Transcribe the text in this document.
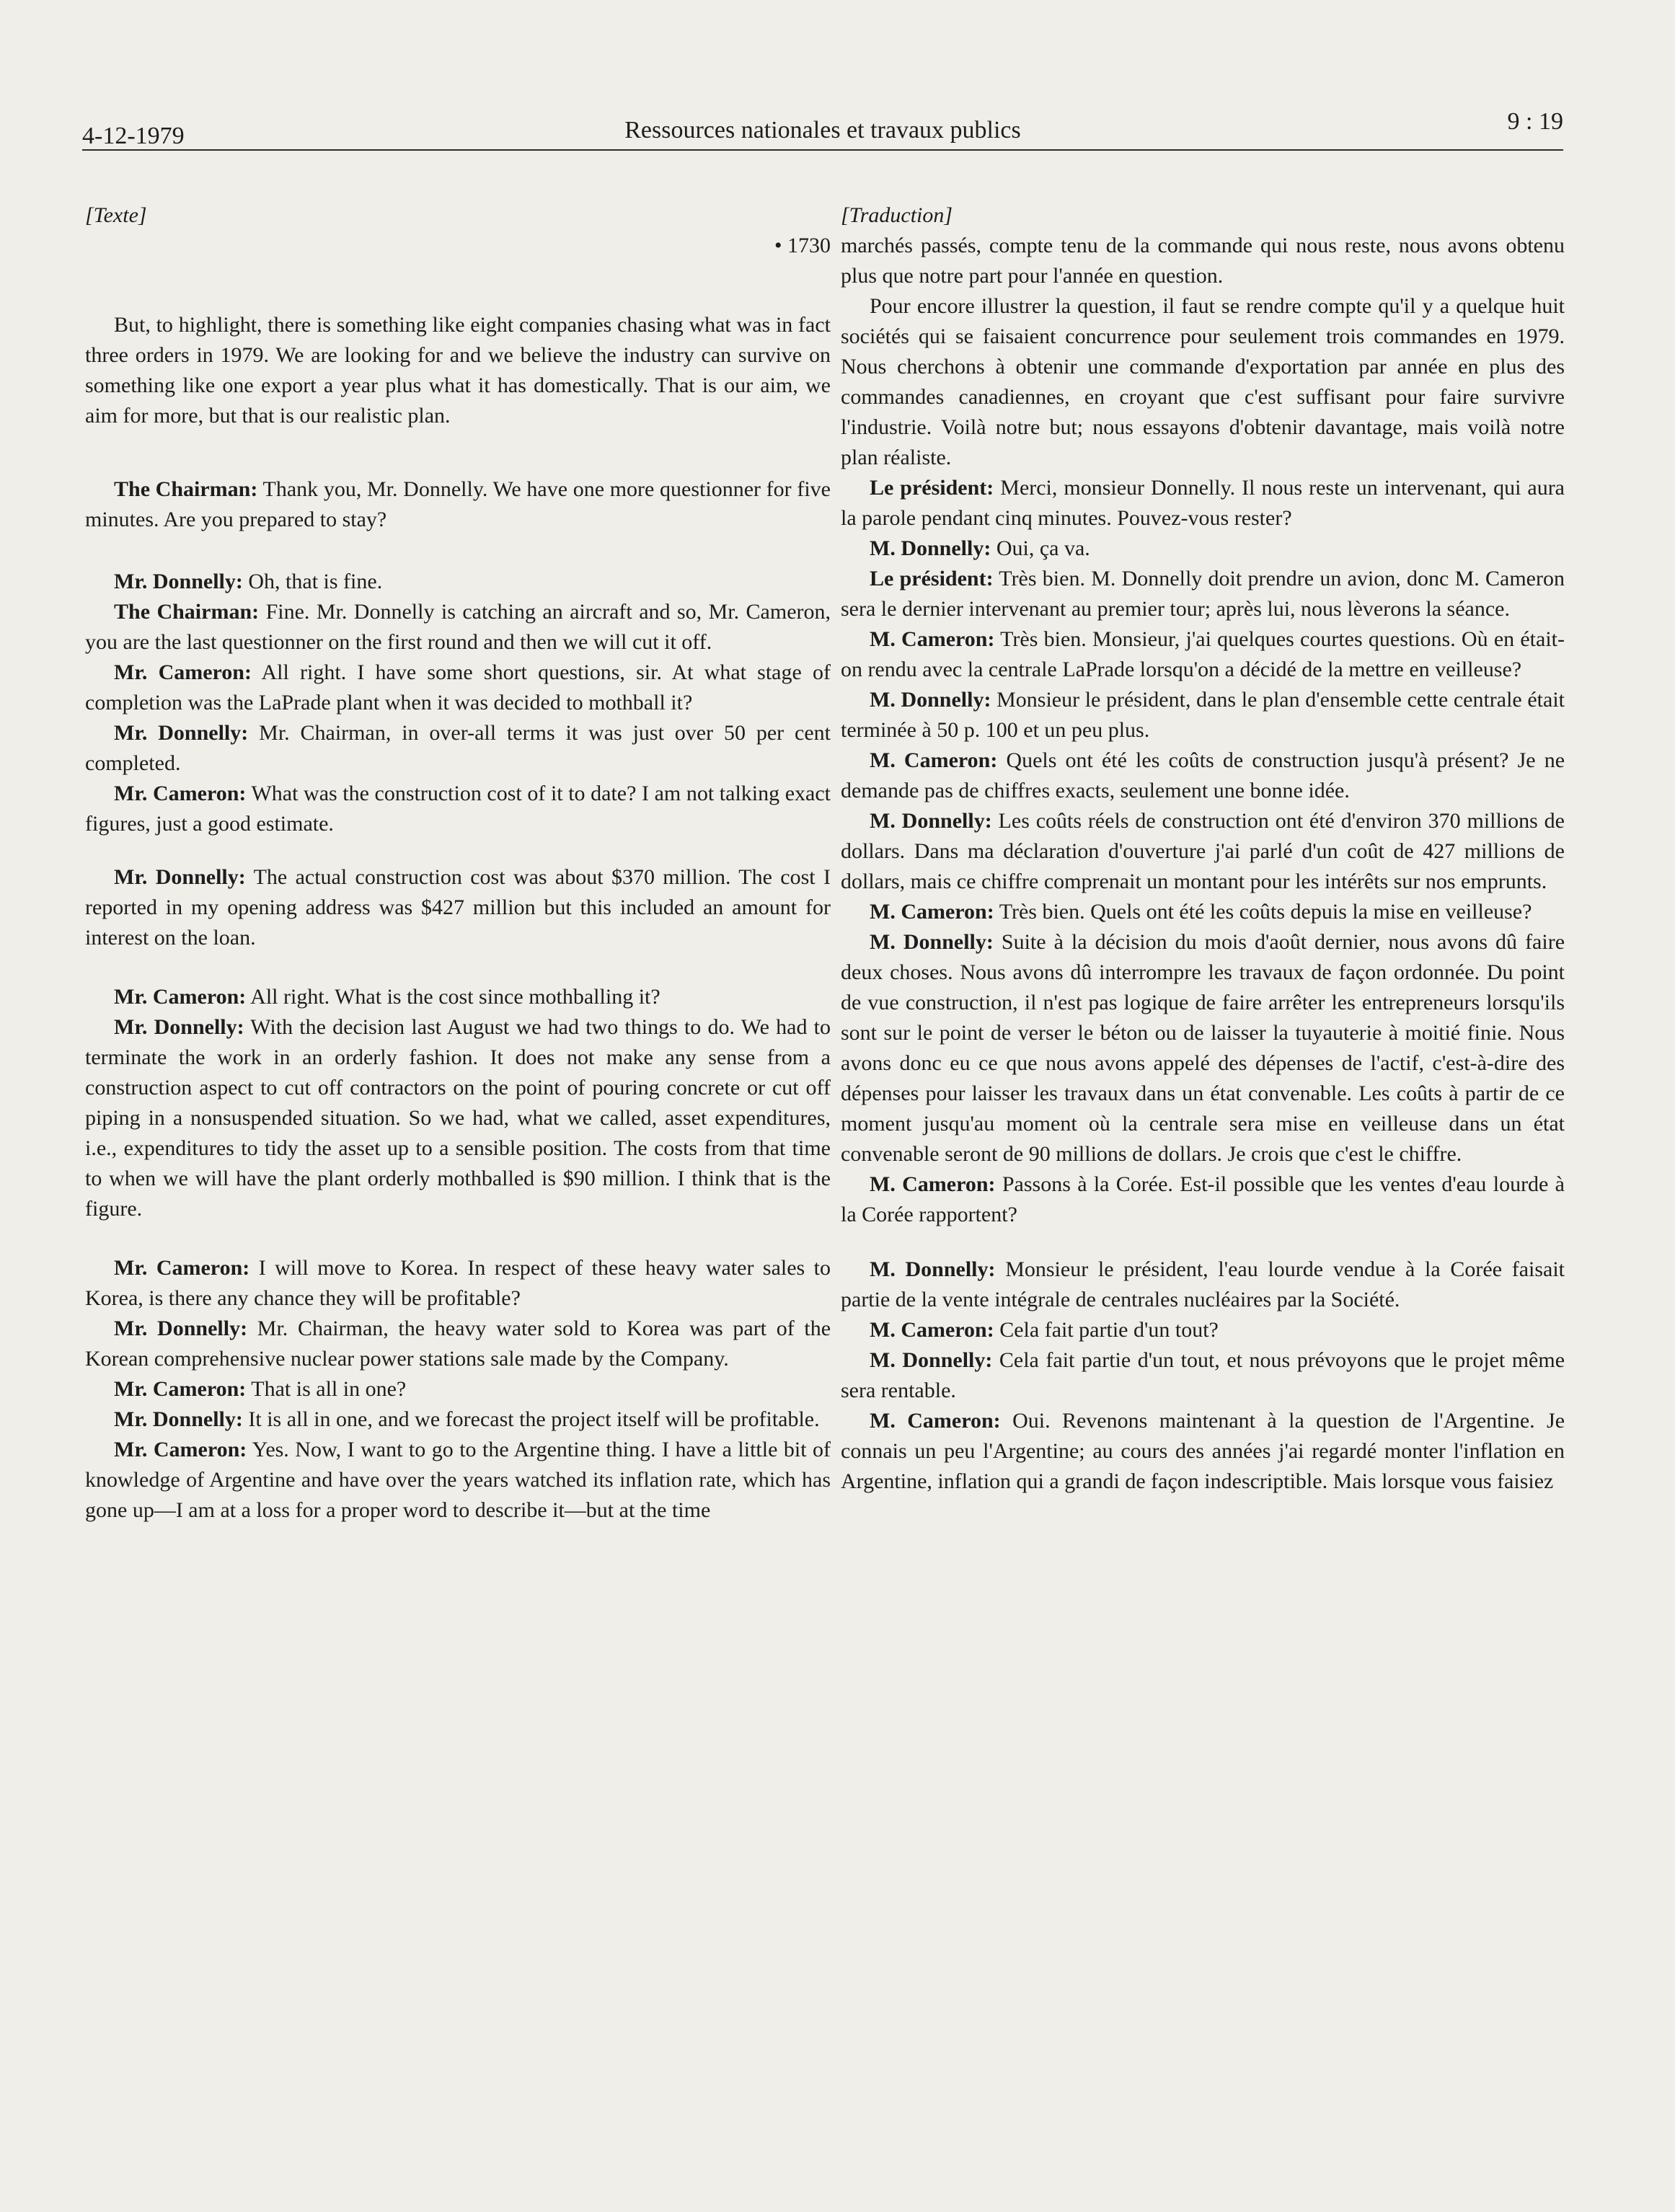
4-12-1979	Ressources nationales et travaux publics	9 : 19

[Texte]

• 1730

But, to highlight, there is something like eight companies chasing what was in fact three orders in 1979. We are looking for and we believe the industry can survive on something like one export a year plus what it has domestically. That is our aim, we aim for more, but that is our realistic plan.

The Chairman: Thank you, Mr. Donnelly. We have one more questionner for five minutes. Are you prepared to stay?

Mr. Donnelly: Oh, that is fine.

The Chairman: Fine. Mr. Donnelly is catching an aircraft and so, Mr. Cameron, you are the last questionner on the first round and then we will cut it off.

Mr. Cameron: All right. I have some short questions, sir. At what stage of completion was the LaPrade plant when it was decided to mothball it?

Mr. Donnelly: Mr. Chairman, in over-all terms it was just over 50 per cent completed.

Mr. Cameron: What was the construction cost of it to date? I am not talking exact figures, just a good estimate.

Mr. Donnelly: The actual construction cost was about $370 million. The cost I reported in my opening address was $427 million but this included an amount for interest on the loan.

Mr. Cameron: All right. What is the cost since mothballing it?

Mr. Donnelly: With the decision last August we had two things to do. We had to terminate the work in an orderly fashion. It does not make any sense from a construction aspect to cut off contractors on the point of pouring concrete or cut off piping in a nonsuspended situation. So we had, what we called, asset expenditures, i.e., expenditures to tidy the asset up to a sensible position. The costs from that time to when we will have the plant orderly mothballed is $90 million. I think that is the figure.

Mr. Cameron: I will move to Korea. In respect of these heavy water sales to Korea, is there any chance they will be profitable?

Mr. Donnelly: Mr. Chairman, the heavy water sold to Korea was part of the Korean comprehensive nuclear power stations sale made by the Company.

Mr. Cameron: That is all in one?

Mr. Donnelly: It is all in one, and we forecast the project itself will be profitable.

Mr. Cameron: Yes. Now, I want to go to the Argentine thing. I have a little bit of knowledge of Argentine and have over the years watched its inflation rate, which has gone up—I am at a loss for a proper word to describe it—but at the time

[Traduction]

marchés passés, compte tenu de la commande qui nous reste, nous avons obtenu plus que notre part pour l'année en question.

Pour encore illustrer la question, il faut se rendre compte qu'il y a quelque huit sociétés qui se faisaient concurrence pour seulement trois commandes en 1979. Nous cherchons à obtenir une commande d'exportation par année en plus des commandes canadiennes, en croyant que c'est suffisant pour faire survivre l'industrie. Voilà notre but; nous essayons d'obtenir davantage, mais voilà notre plan réaliste.

Le président: Merci, monsieur Donnelly. Il nous reste un intervenant, qui aura la parole pendant cinq minutes. Pouvez-vous rester?

M. Donnelly: Oui, ça va.

Le président: Très bien. M. Donnelly doit prendre un avion, donc M. Cameron sera le dernier intervenant au premier tour; après lui, nous lèverons la séance.

M. Cameron: Très bien. Monsieur, j'ai quelques courtes questions. Où en était-on rendu avec la centrale LaPrade lorsqu'on a décidé de la mettre en veilleuse?

M. Donnelly: Monsieur le président, dans le plan d'ensemble cette centrale était terminée à 50 p. 100 et un peu plus.

M. Cameron: Quels ont été les coûts de construction jusqu'à présent? Je ne demande pas de chiffres exacts, seulement une bonne idée.

M. Donnelly: Les coûts réels de construction ont été d'environ 370 millions de dollars. Dans ma déclaration d'ouverture j'ai parlé d'un coût de 427 millions de dollars, mais ce chiffre comprenait un montant pour les intérêts sur nos emprunts.

M. Cameron: Très bien. Quels ont été les coûts depuis la mise en veilleuse?

M. Donnelly: Suite à la décision du mois d'août dernier, nous avons dû faire deux choses. Nous avons dû interrompre les travaux de façon ordonnée. Du point de vue construction, il n'est pas logique de faire arrêter les entrepreneurs lorsqu'ils sont sur le point de verser le béton ou de laisser la tuyauterie à moitié finie. Nous avons donc eu ce que nous avons appelé des dépenses de l'actif, c'est-à-dire des dépenses pour laisser les travaux dans un état convenable. Les coûts à partir de ce moment jusqu'au moment où la centrale sera mise en veilleuse dans un état convenable seront de 90 millions de dollars. Je crois que c'est le chiffre.

M. Cameron: Passons à la Corée. Est-il possible que les ventes d'eau lourde à la Corée rapportent?

M. Donnelly: Monsieur le président, l'eau lourde vendue à la Corée faisait partie de la vente intégrale de centrales nucléaires par la Société.

M. Cameron: Cela fait partie d'un tout?

M. Donnelly: Cela fait partie d'un tout, et nous prévoyons que le projet même sera rentable.

M. Cameron: Oui. Revenons maintenant à la question de l'Argentine. Je connais un peu l'Argentine; au cours des années j'ai regardé monter l'inflation en Argentine, inflation qui a grandi de façon indescriptible. Mais lorsque vous faisiez
